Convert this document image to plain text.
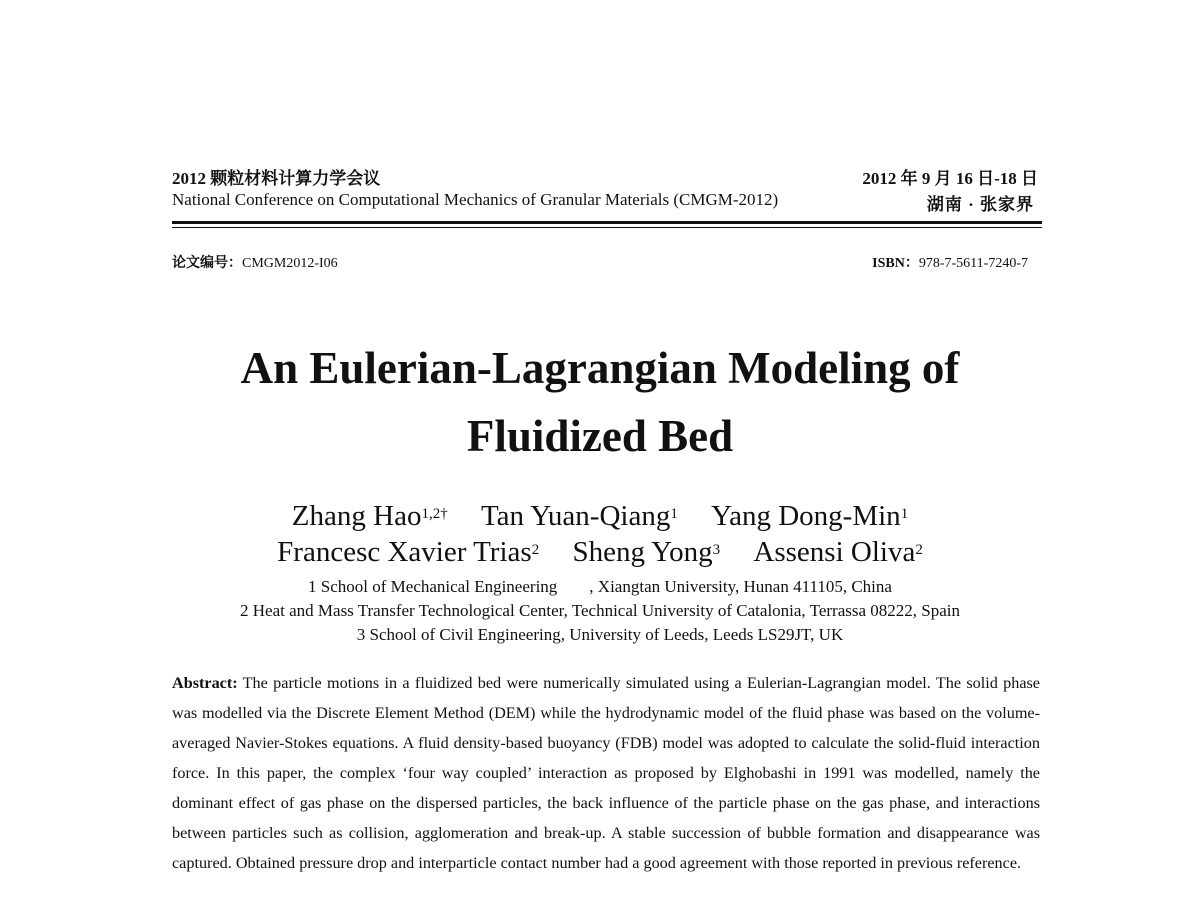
2012 颗粒材料计算力学会议
National Conference on Computational Mechanics of Granular Materials (CMGM-2012)
2012 年 9 月 16 日-18 日
湖南 · 张家界
论文编号：CMGM2012-I06	ISBN：978-7-5611-7240-7
An Eulerian-Lagrangian Modeling of
Fluidized Bed
Zhang Hao$^{1,2\dagger}$ Tan Yuan-Qiang$^1$ Yang Dong-Min$^1$
Francesc Xavier Trias$^2$ Sheng Yong$^3$ Assensi Oliva$^2$
1 School of Mechanical Engineering , Xiangtan University, Hunan 411105, China
2 Heat and Mass Transfer Technological Center, Technical University of Catalonia, Terrassa 08222, Spain
3 School of Civil Engineering, University of Leeds, Leeds LS29JT, UK
Abstract: The particle motions in a fluidized bed were numerically simulated using a Eulerian-Lagrangian model. The solid phase was modelled via the Discrete Element Method (DEM) while the hydrodynamic model of the fluid phase was based on the volume-averaged Navier-Stokes equations. A fluid density-based buoyancy (FDB) model was adopted to calculate the solid-fluid interaction force. In this paper, the complex ‘four way coupled’ interaction as proposed by Elghobashi in 1991 was modelled, namely the dominant effect of gas phase on the dispersed particles, the back influence of the particle phase on the gas phase, and interactions between particles such as collision, agglomeration and break-up. A stable succession of bubble formation and disappearance was captured. Obtained pressure drop and interparticle contact number had a good agreement with those reported in previous reference.
